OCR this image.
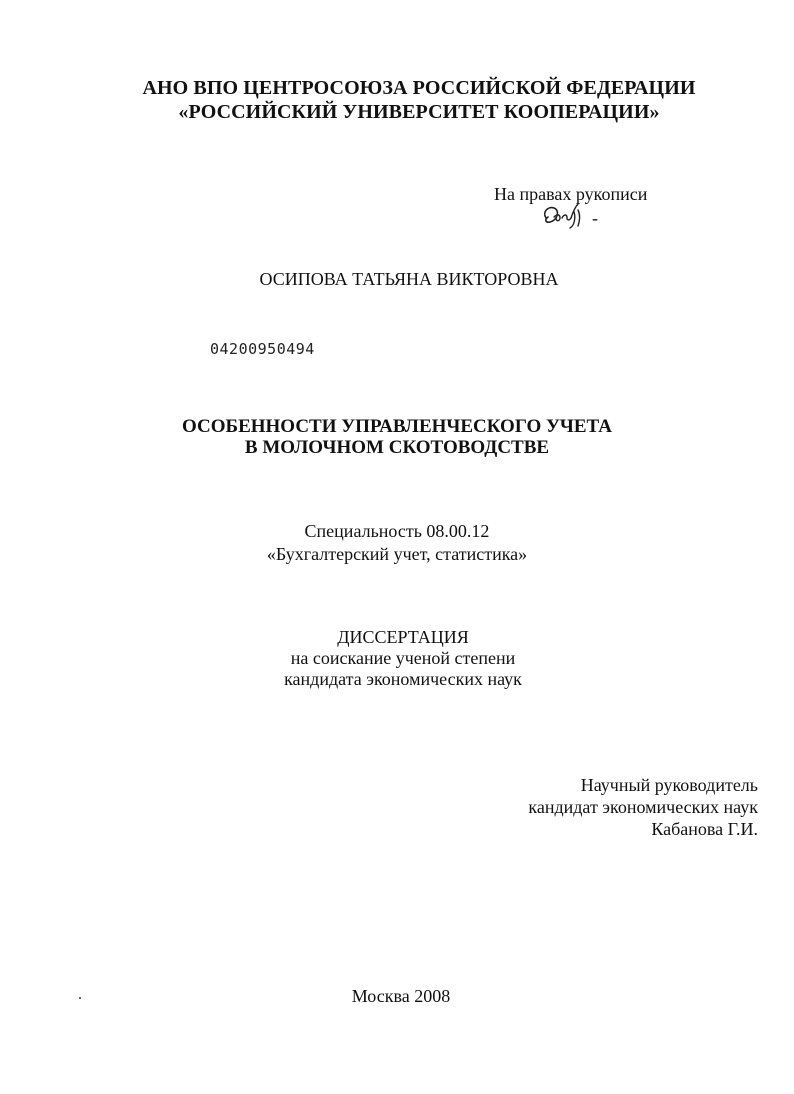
АНО ВПО ЦЕНТРОСОЮЗА РОССИЙСКОЙ ФЕДЕРАЦИИ
«РОССИЙСКИЙ УНИВЕРСИТЕТ КООПЕРАЦИИ»
На правах рукописи
-
ОСИПОВА ТАТЬЯНА ВИКТОРОВНА
04200950494
ОСОБЕННОСТИ УПРАВЛЕНЧЕСКОГО УЧЕТА
В МОЛОЧНОМ СКОТОВОДСТВЕ
Специальность 08.00.12
«Бухгалтерский учет, статистика»
ДИССЕРТАЦИЯ
на соискание ученой степени
кандидата экономических наук
Научный руководитель
кандидат экономических наук
Кабанова Г.И.
Москва 2008
